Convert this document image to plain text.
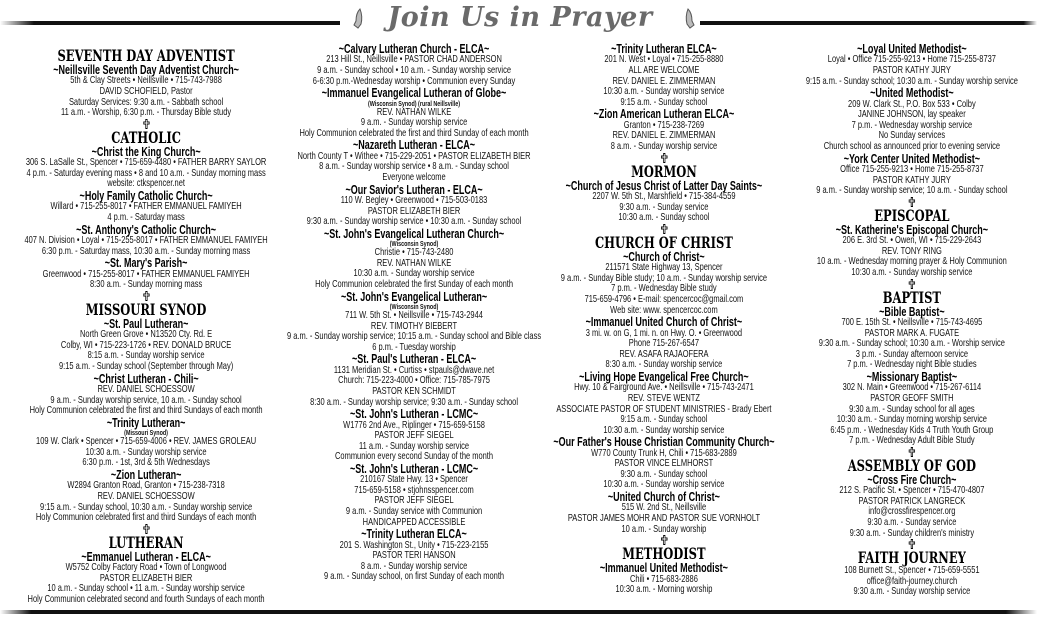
Join Us in Prayer
SEVENTH DAY ADVENTIST
~Neillsville Seventh Day Adventist Church~
5th & Clay Streets • Neillsville • 715-743-7988
DAVID SCHOFIELD, Pastor
Saturday Services: 9:30 a.m. - Sabbath school
11 a.m. - Worship, 6:30 p.m. - Thursday Bible study
CATHOLIC
~Christ the King Church~
306 S. LaSalle St., Spencer • 715-659-4480 • FATHER BARRY SAYLOR
4 p.m. - Saturday evening mass • 8 and 10 a.m. - Sunday morning mass
website: ctkspencer.net
~Holy Family Catholic Church~
Willard • 715-255-8017 • FATHER EMMANUEL FAMIYEH
4 p.m. - Saturday mass
~St. Anthony's Catholic Church~
407 N. Division • Loyal • 715-255-8017 • FATHER EMMANUEL FAMIYEH
6:30 p.m. - Saturday mass, 10:30 a.m. - Sunday morning mass
~St. Mary's Parish~
Greenwood • 715-255-8017 • FATHER EMMANUEL FAMIYEH
8:30 a.m. - Sunday morning mass
MISSOURI SYNOD
~St. Paul Lutheran~
North Green Grove • N13520 Cty. Rd. E
Colby, WI • 715-223-1726 • REV. DONALD BRUCE
8:15 a.m. - Sunday worship service
9:15 a.m. - Sunday school (September through May)
~Christ Lutheran - Chili~
REV. DANIEL SCHOESSOW
9 a.m. - Sunday worship service, 10 a.m. - Sunday school
Holy Communion celebrated the first and third Sundays of each month
~Trinity Lutheran~
(Missouri Synod)
109 W. Clark • Spencer • 715-659-4006 • REV. JAMES GROLEAU
10:30 a.m. - Sunday worship service
6:30 p.m. - 1st, 3rd & 5th Wednesdays
~Zion Lutheran~
W2894 Granton Road, Granton • 715-238-7318
REV. DANIEL SCHOESSOW
9:15 a.m. - Sunday school, 10:30 a.m. - Sunday worship service
Holy Communion celebrated first and third Sundays of each month
LUTHERAN
~Emmanuel Lutheran - ELCA~
W5752 Colby Factory Road • Town of Longwood
PASTOR ELIZABETH BIER
10 a.m. - Sunday school • 11 a.m. - Sunday worship service
Holy Communion celebrated second and fourth Sundays of each month
~Calvary Lutheran Church - ELCA~
213 Hill St., Neillsville • PASTOR CHAD ANDERSON
9 a.m. - Sunday school • 10 a.m. - Sunday worship service
6-6:30 p.m.-Wednesday worship • Communion every Sunday
~Immanuel Evangelical Lutheran of Globe~
(Wisconsin Synod) (rural Neillsville)
REV. NATHAN WILKE
9 a.m. - Sunday worship service
Holy Communion celebrated the first and third Sunday of each month
~Nazareth Lutheran - ELCA~
North County T • Withee • 715-229-2051 • PASTOR ELIZABETH BIER
8 a.m. - Sunday worship service • 8 a.m. - Sunday school
Everyone welcome
~Our Savior's Lutheran - ELCA~
110 W. Begley • Greenwood • 715-503-0183
PASTOR ELIZABETH BIER
9:30 a.m. - Sunday worship service • 10:30 a.m. - Sunday school
~St. John's Evangelical Lutheran Church~
(Wisconsin Synod)
Christie • 715-743-2480
REV. NATHAN WILKE
10:30 a.m. - Sunday worship service
Holy Communion celebrated the first Sunday of each month
~St. John's Evangelical Lutheran~
(Wisconsin Synod)
711 W. 5th St. • Neillsville • 715-743-2944
REV. TIMOTHY BIEBERT
9 a.m. - Sunday worship service; 10:15 a.m. - Sunday school and Bible class
6 p.m. - Tuesday worship
~St. Paul's Lutheran - ELCA~
1131 Meridian St. • Curtiss • stpauls@dwave.net
Church: 715-223-4000 • Office: 715-785-7975
PASTOR KEN SCHMIDT
8:30 a.m. - Sunday worship service; 9:30 a.m. - Sunday school
~St. John's Lutheran - LCMC~
W1776 2nd Ave., Riplinger • 715-659-5158
PASTOR JEFF SIEGEL
11 a.m. - Sunday worship service
Communion every second Sunday of the month
~St. John's Lutheran - LCMC~
210167 State Hwy. 13 • Spencer
715-659-5158 • stjohnsspencer.com
PASTOR JEFF SIEGEL
9 a.m. - Sunday service with Communion
HANDICAPPED ACCESSIBLE
~Trinity Lutheran ELCA~
201 S. Washington St., Unity • 715-223-2155
PASTOR TERI HANSON
8 a.m. - Sunday worship service
9 a.m. - Sunday school, on first Sunday of each month
~Trinity Lutheran ELCA~
201 N. West • Loyal • 715-255-8880
ALL ARE WELCOME
REV. DANIEL E. ZIMMERMAN
10:30 a.m. - Sunday worship service
9:15 a.m. - Sunday school
~Zion American Lutheran ELCA~
Granton • 715-238-7269
REV. DANIEL E. ZIMMERMAN
8 a.m. - Sunday worship service
MORMON
~Church of Jesus Christ of Latter Day Saints~
2207 W. 5th St., Marshfield • 715-384-4559
9:30 a.m. - Sunday service
10:30 a.m. - Sunday school
CHURCH OF CHRIST
~Church of Christ~
211571 State Highway 13, Spencer
9 a.m. - Sunday Bible study; 10 a.m. - Sunday worship service
7 p.m. - Wednesday Bible study
715-659-4796 • E-mail: spencercoc@gmail.com
Web site: www. spencercoc.com
~Immanuel United Church of Christ~
3 mi. w. on G, 1 mi. n. on Hwy. O. • Greenwood
Phone 715-267-6547
REV. ASAFA RAJAOFERA
8:30 a.m. - Sunday worship service
~Living Hope Evangelical Free Church~
Hwy. 10 & Fairground Ave. • Neillsville • 715-743-2471
REV. STEVE WENTZ
ASSOCIATE PASTOR OF STUDENT MINISTRIES - Brady Ebert
9:15 a.m. - Sunday school
10:30 a.m. - Sunday worship service
~Our Father's House Christian Community Church~
W770 County Trunk H, Chili • 715-683-2889
PASTOR VINCE ELMHORST
9:30 a.m. - Sunday school
10:30 a.m. - Sunday worship service
~United Church of Christ~
515 W. 2nd St., Neillsville
PASTOR JAMES MOHR AND PASTOR SUE VORNHOLT
10 a.m. - Sunday worship
METHODIST
~Immanuel United Methodist~
Chili • 715-683-2886
10:30 a.m. - Morning worship
~Loyal United Methodist~
Loyal • Office 715-255-9213 • Home 715-255-8737
PASTOR KATHY JURY
9:15 a.m. - Sunday school; 10:30 a.m. - Sunday worship service
~United Methodist~
209 W. Clark St., P.O. Box 533 • Colby
JANINE JOHNSON, lay speaker
7 p.m. - Wednesday worship service
No Sunday services
Church school as announced prior to evening service
~York Center United Methodist~
Office 715-255-9213 • Home 715-255-8737
PASTOR KATHY JURY
9 a.m. - Sunday worship service; 10 a.m. - Sunday school
EPISCOPAL
~St. Katherine's Episcopal Church~
206 E. 3rd St. • Owen, WI • 715-229-2643
REV. TONY RING
10 a.m. - Wednesday morning prayer & Holy Communion
10:30 a.m. - Sunday worship service
BAPTIST
~Bible Baptist~
700 E. 15th St. • Neillsville • 715-743-4695
PASTOR MARK A. FUGATE
9:30 a.m. - Sunday school; 10:30 a.m. - Worship service
3 p.m. - Sunday afternoon service
7 p.m. - Wednesday night Bible studies
~Missionary Baptist~
302 N. Main • Greenwood • 715-267-6114
PASTOR GEOFF SMITH
9:30 a.m. - Sunday school for all ages
10:30 a.m. - Sunday morning worship service
6:45 p.m. - Wednesday Kids 4 Truth Youth Group
7 p.m. - Wednesday Adult Bible Study
ASSEMBLY OF GOD
~Cross Fire Church~
212 S. Pacific St. • Spencer • 715-470-4807
PASTOR PATRICK LANGRECK
info@crossfirespencer.org
9:30 a.m. - Sunday service
9:30 a.m. - Sunday children's ministry
FAITH JOURNEY
108 Burnett St., Spencer • 715-659-5551
office@faith-journey.church
9:30 a.m. - Sunday worship service
